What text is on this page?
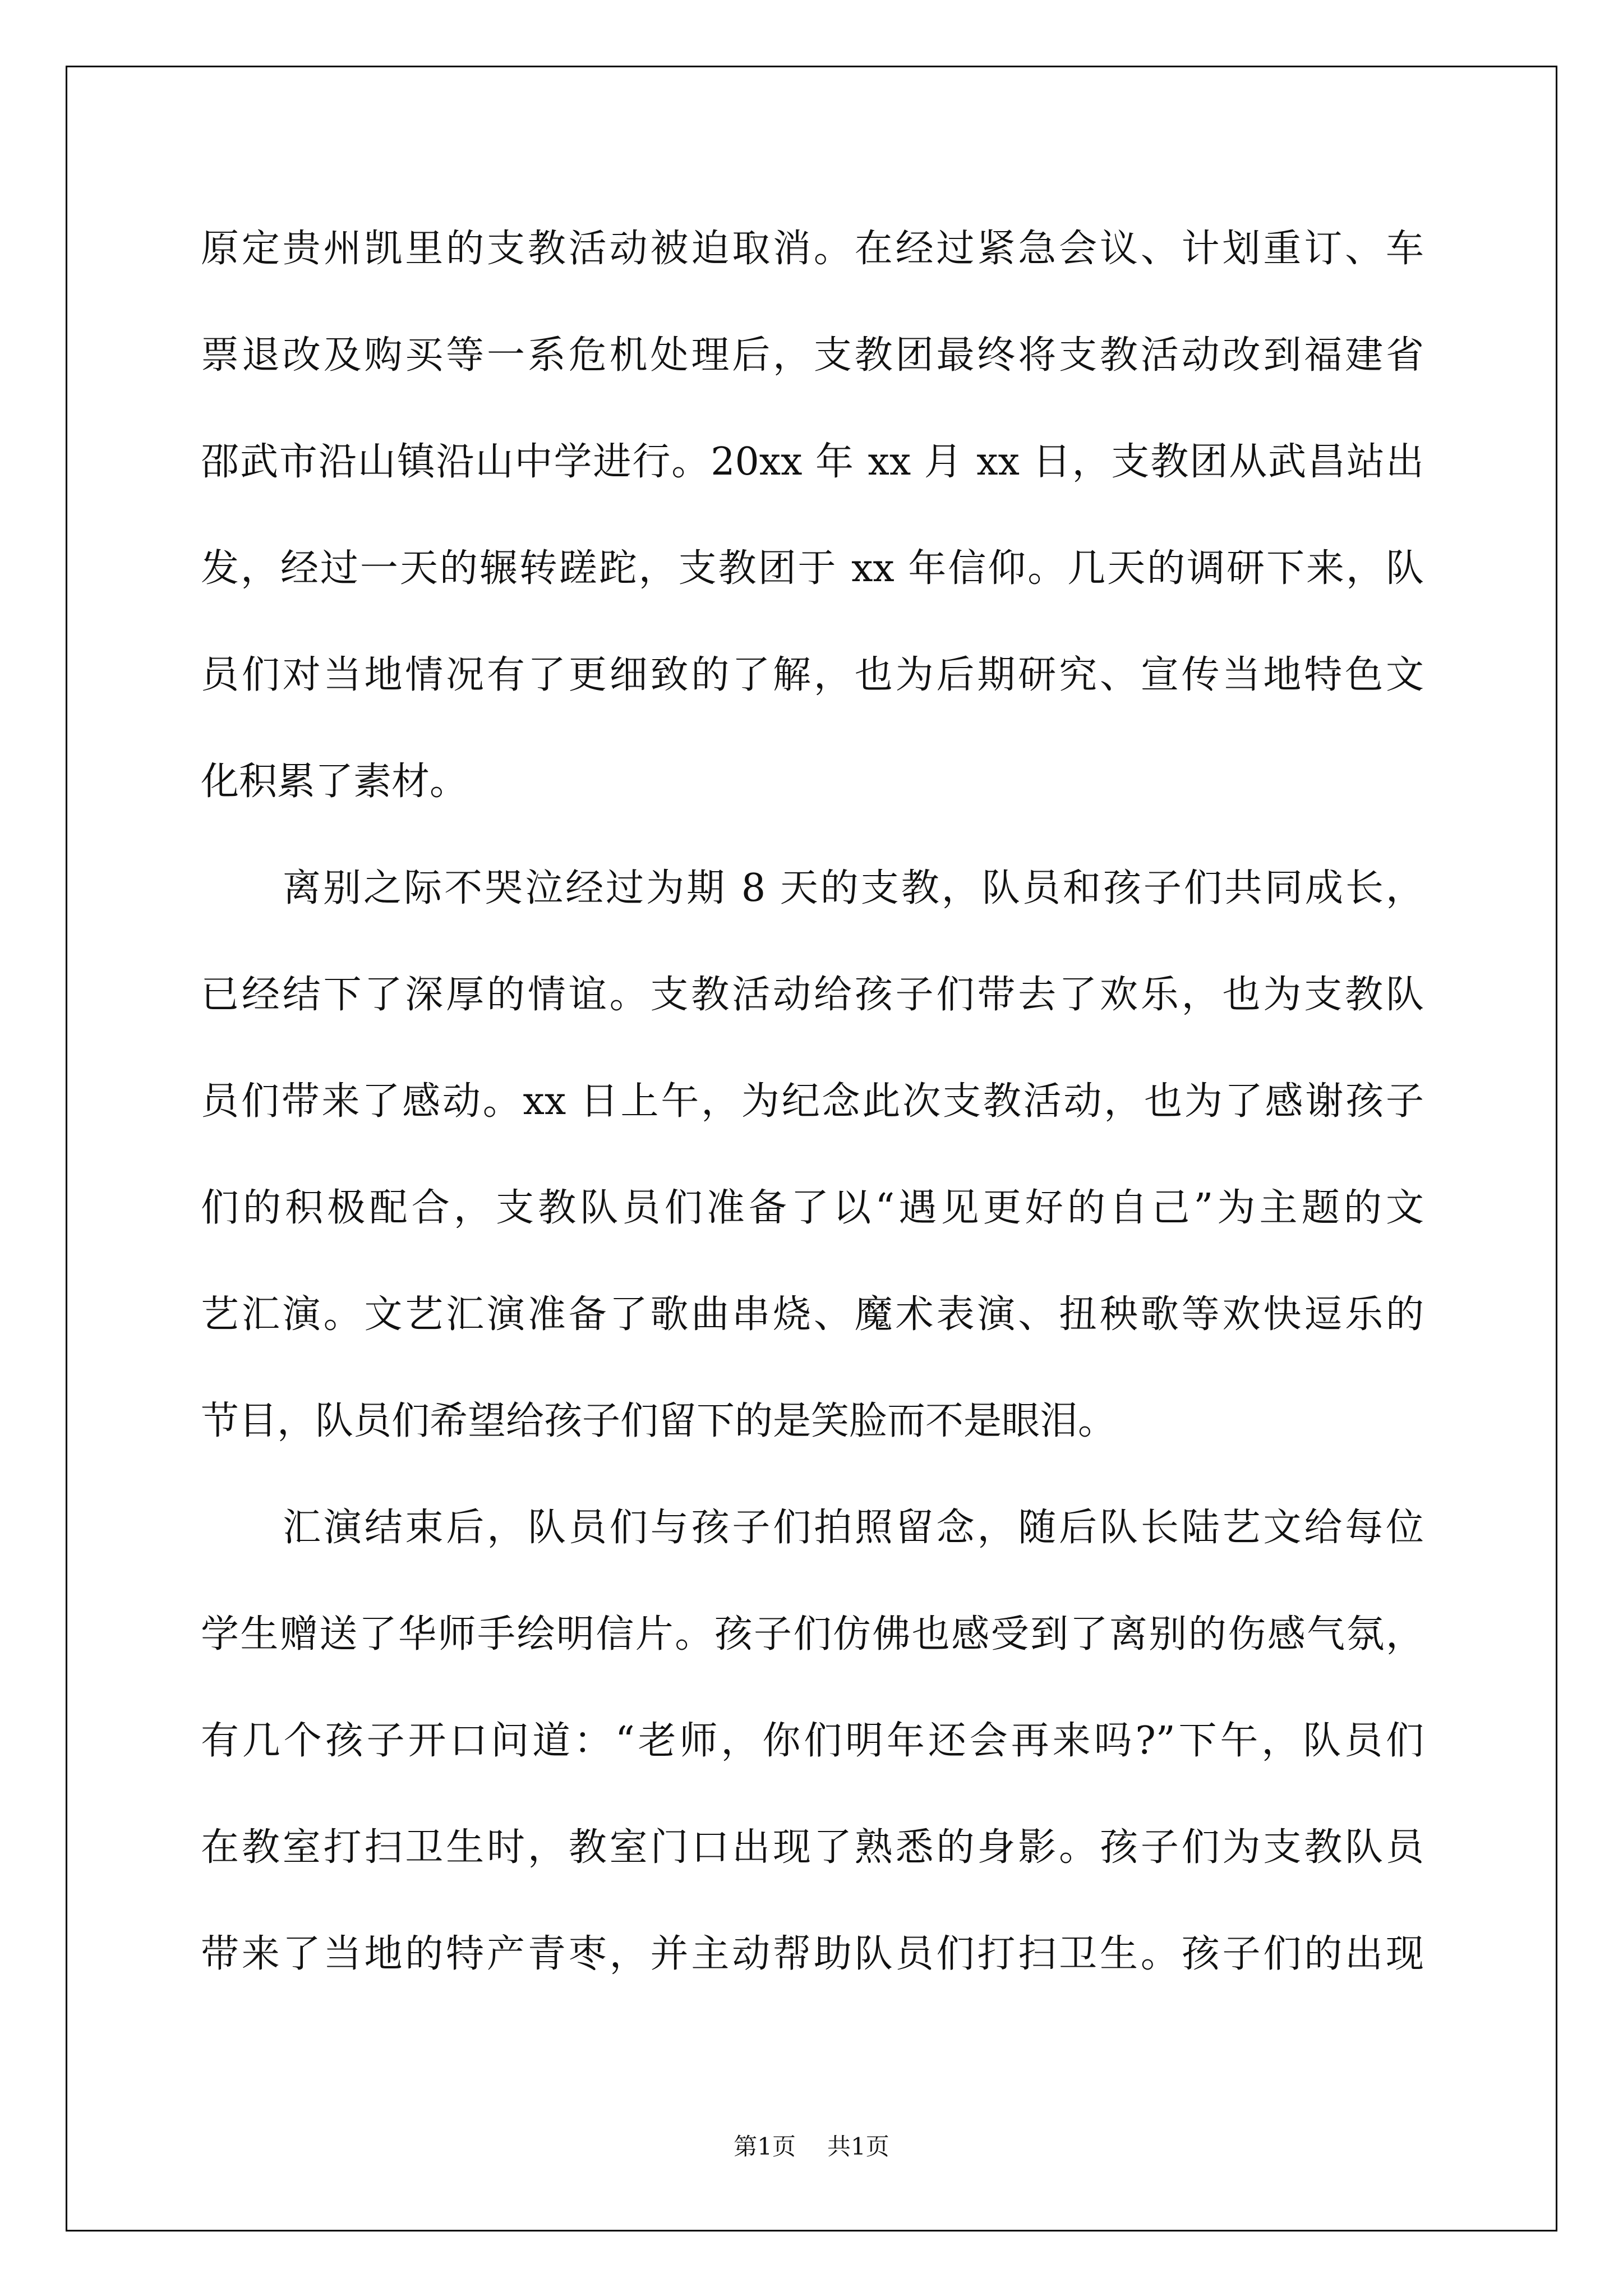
原定贵州凯里的支教活动被迫取消。在经过紧急会议、计划重订、车
票退改及购买等一系危机处理后，支教团最终将支教活动改到福建省
邵武市沿山镇沿山中学进行。20xx 年 xx 月 xx 日，支教团从武昌站出
发，经过一天的辗转蹉跎，支教团于 xx 年信仰。几天的调研下来，队
员们对当地情况有了更细致的了解，也为后期研究、宣传当地特色文
化积累了素材。
离别之际不哭泣经过为期 8 天的支教，队员和孩子们共同成长，
已经结下了深厚的情谊。支教活动给孩子们带去了欢乐，也为支教队
员们带来了感动。xx 日上午，为纪念此次支教活动，也为了感谢孩子
们的积极配合，支教队员们准备了以“遇见更好的自己”为主题的文
艺汇演。文艺汇演准备了歌曲串烧、魔术表演、扭秧歌等欢快逗乐的
节目，队员们希望给孩子们留下的是笑脸而不是眼泪。
汇演结束后，队员们与孩子们拍照留念，随后队长陆艺文给每位
学生赠送了华师手绘明信片。孩子们仿佛也感受到了离别的伤感气氛，
有几个孩子开口问道：“老师，你们明年还会再来吗?”下午，队员们
在教室打扫卫生时，教室门口出现了熟悉的身影。孩子们为支教队员
带来了当地的特产青枣，并主动帮助队员们打扫卫生。孩子们的出现
第1页 共1页
